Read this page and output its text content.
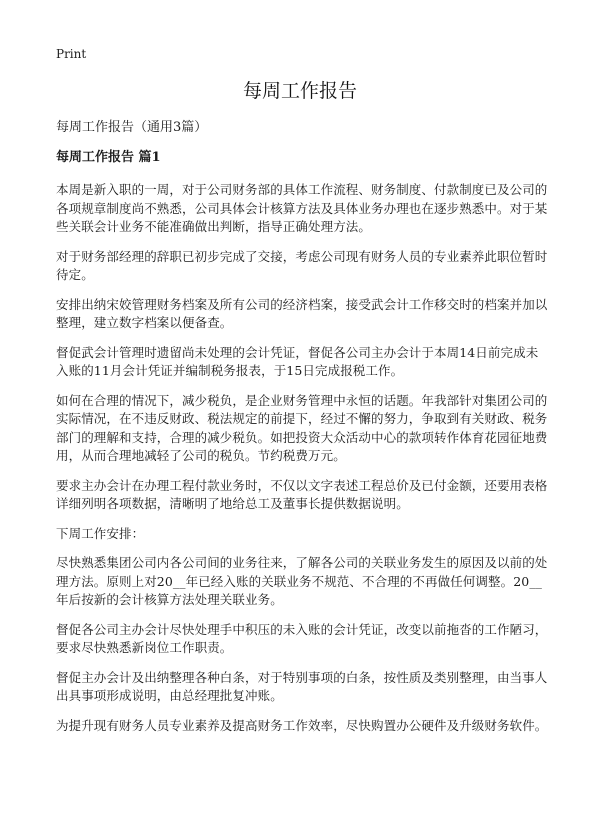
Print
每周工作报告

每周工作报告（通用3篇）

每周工作报告 篇1

本周是新入职的一周，对于公司财务部的具体工作流程、财务制度、付款制度已及公司的各项规章制度尚不熟悉，公司具体会计核算方法及具体业务办理也在逐步熟悉中。对于某些关联会计业务不能准确做出判断，指导正确处理方法。

对于财务部经理的辞职已初步完成了交接，考虑公司现有财务人员的专业素养此职位暂时待定。

安排出纳宋姣管理财务档案及所有公司的经济档案，接受武会计工作移交时的档案并加以整理，建立数字档案以便备查。

督促武会计管理时遗留尚未处理的会计凭证，督促各公司主办会计于本周14日前完成未入账的11月会计凭证并编制税务报表，于15日完成报税工作。

如何在合理的情况下，减少税负，是企业财务管理中永恒的话题。年我部针对集团公司的实际情况，在不违反财政、税法规定的前提下，经过不懈的努力，争取到有关财政、税务部门的理解和支持，合理的减少税负。如把投资大众活动中心的款项转作体育花园征地费用，从而合理地减轻了公司的税负。节约税费万元。

要求主办会计在办理工程付款业务时，不仅以文字表述工程总价及已付金额，还要用表格详细列明各项数据，清晰明了地给总工及董事长提供数据说明。

下周工作安排：

尽快熟悉集团公司内各公司间的业务往来，了解各公司的关联业务发生的原因及以前的处理方法。原则上对20__年已经入账的关联业务不规范、不合理的不再做任何调整。20__年后按新的会计核算方法处理关联业务。

督促各公司主办会计尽快处理手中积压的未入账的会计凭证，改变以前拖沓的工作陋习，要求尽快熟悉新岗位工作职责。

督促主办会计及出纳整理各种白条，对于特别事项的白条，按性质及类别整理，由当事人出具事项形成说明，由总经理批复冲账。

为提升现有财务人员专业素养及提高财务工作效率，尽快购置办公硬件及升级财务软件。
